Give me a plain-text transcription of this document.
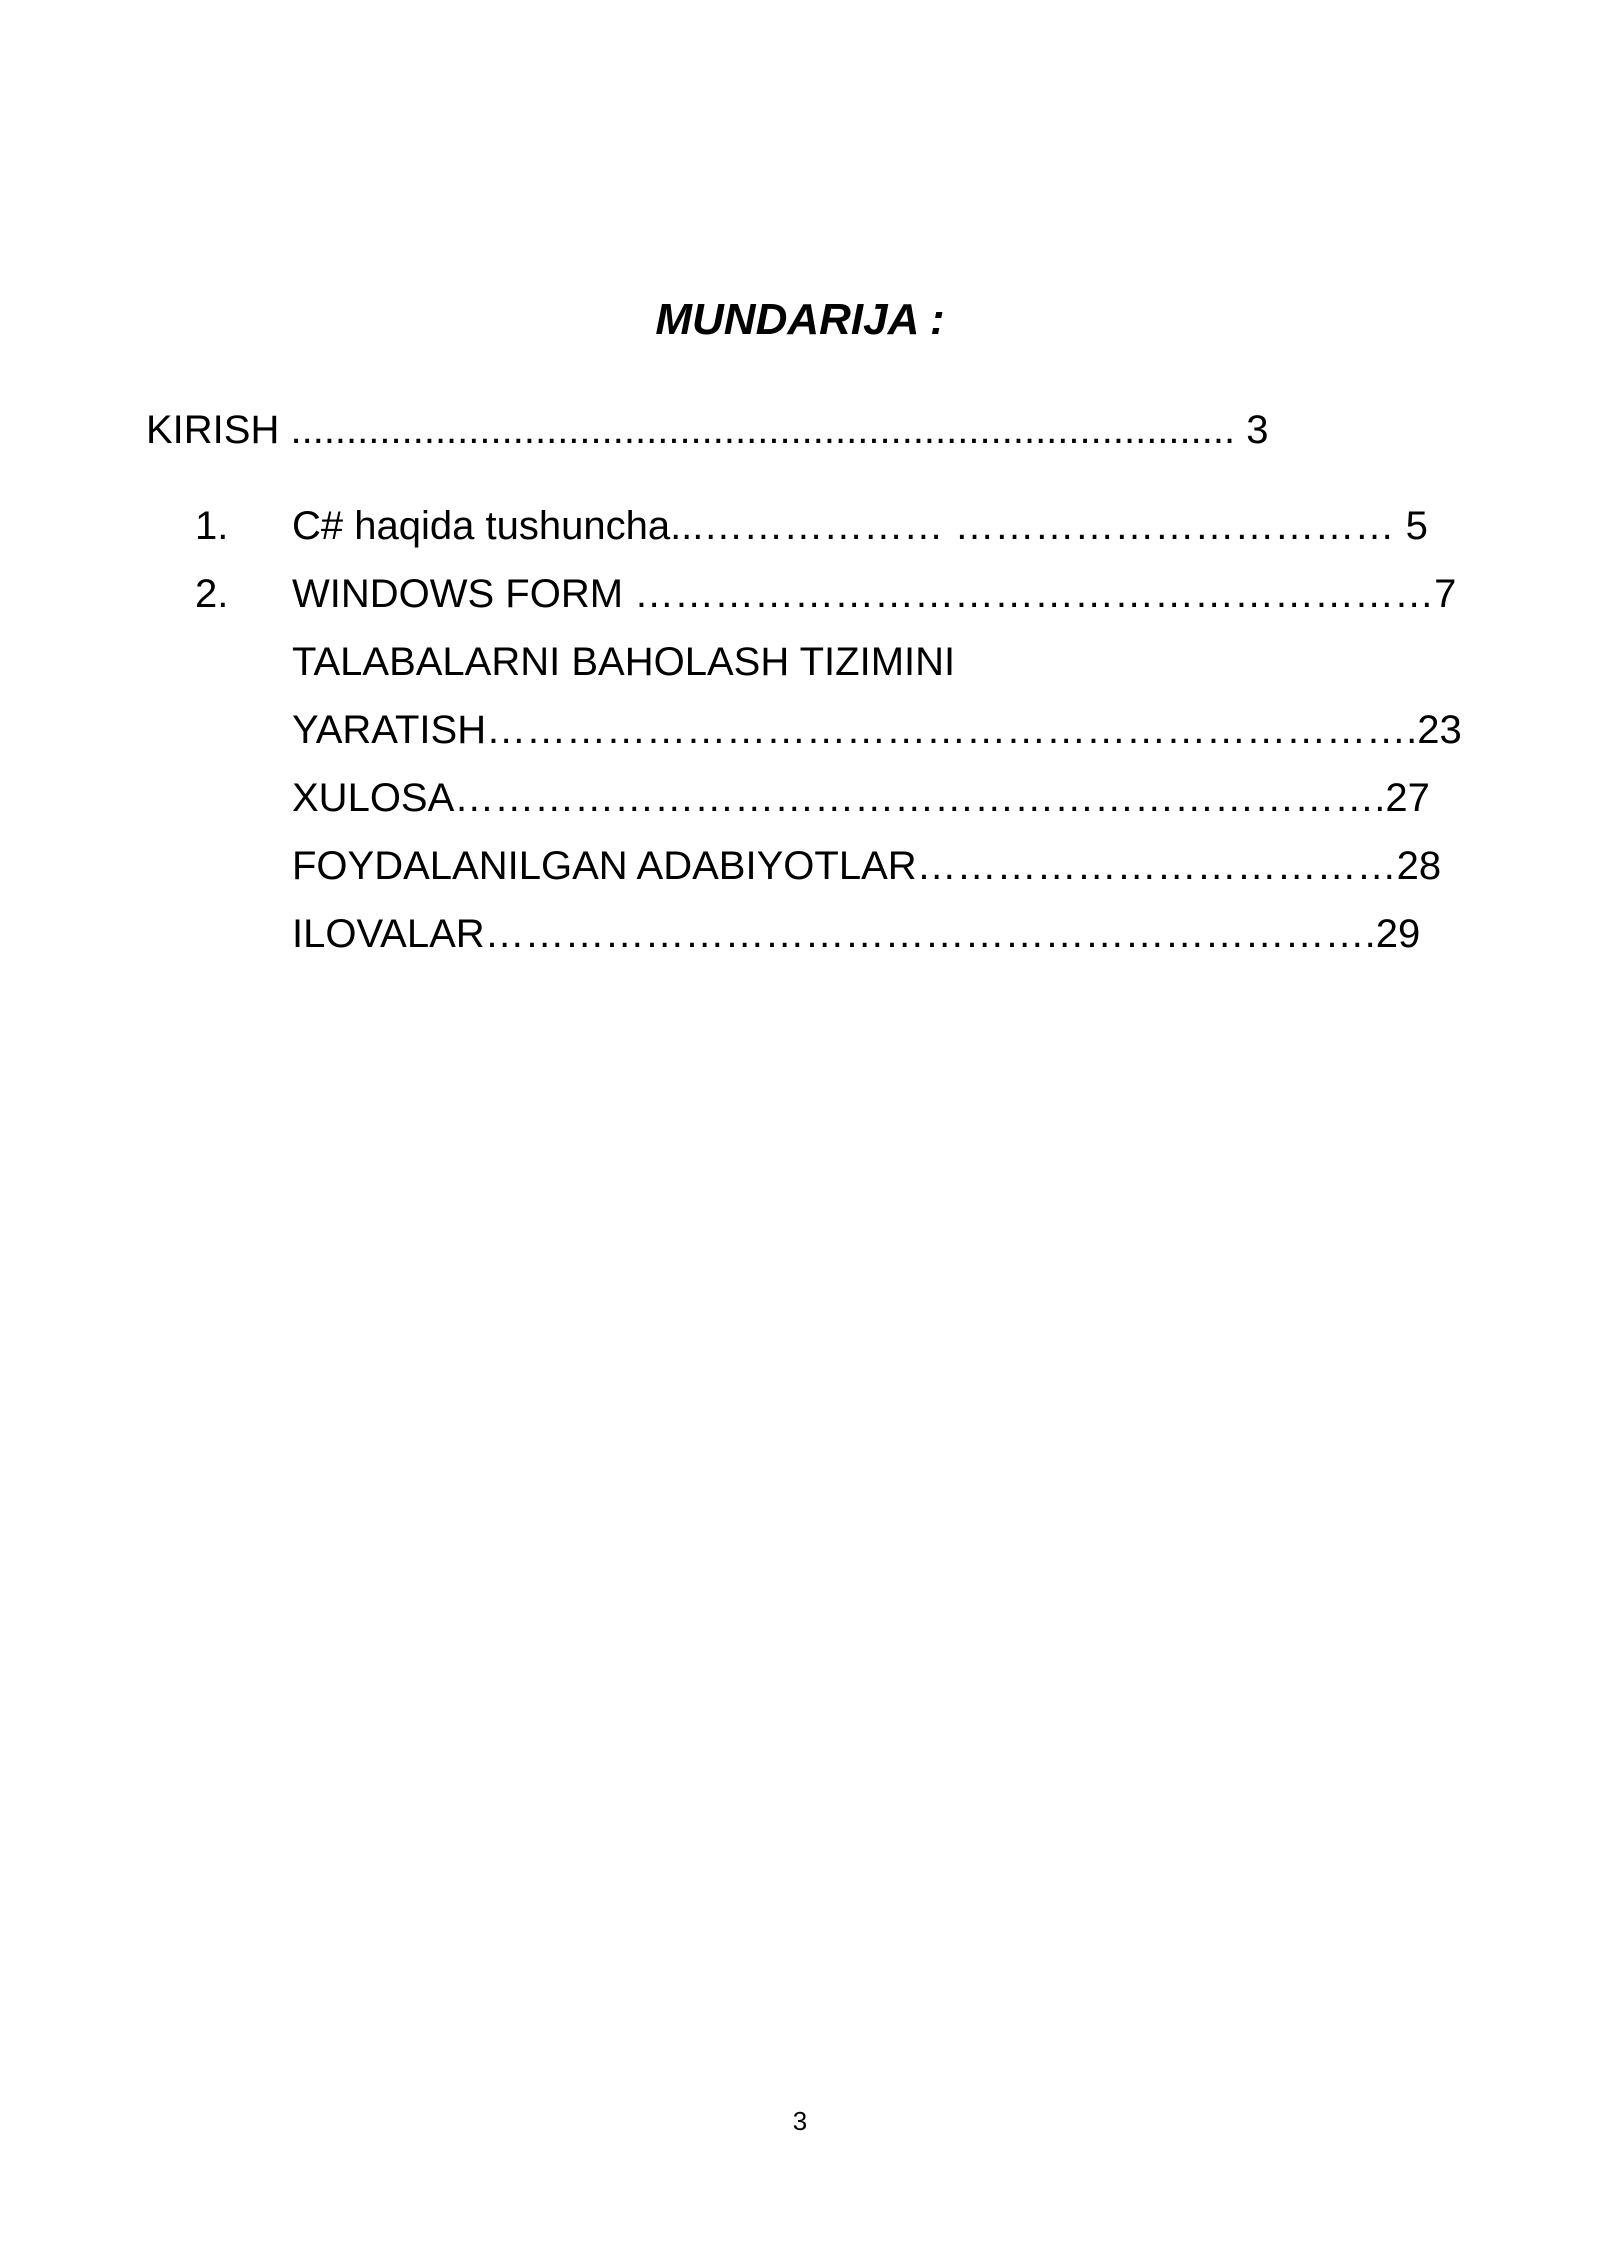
MUNDARIJA :
KIRISH ..................................................................................... 3
1. C# haqida tushuncha...……………… …………………………… 5
2. WINDOWS FORM ……………………………………………………7
TALABALARNI BAHOLASH TIZIMINI
YARATISH…………………………………………………………….23
XULOSA…………………………………………………………….27
FOYDALANILGAN ADABIYOTLAR………………………………28
ILOVALAR………………………………………………………….29
3
